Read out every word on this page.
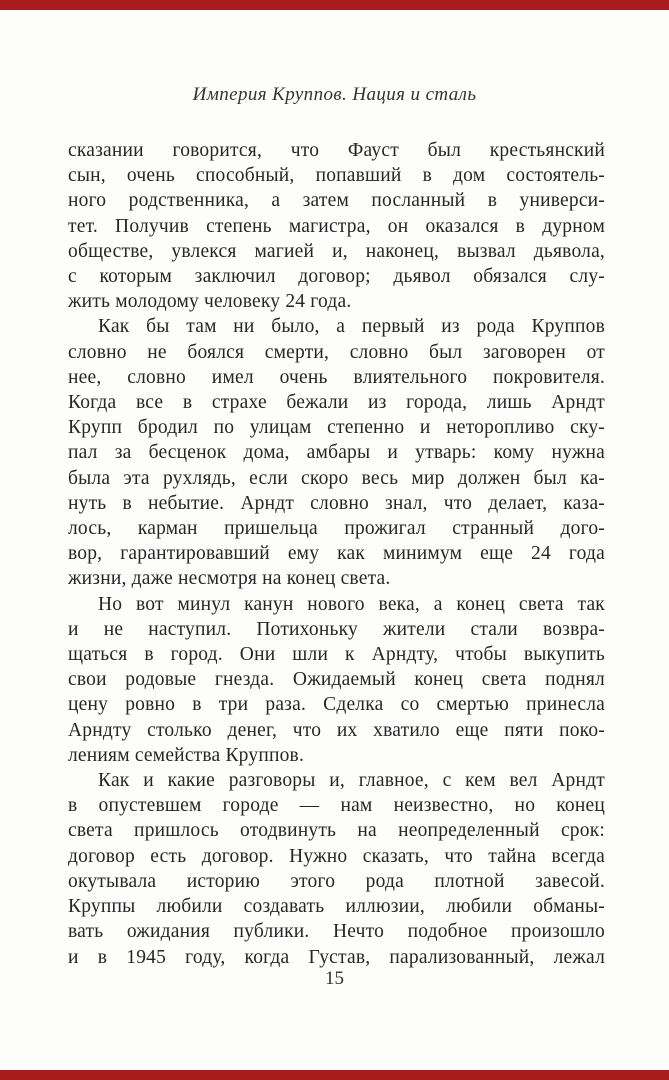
Империя Круппов. Нация и сталь
сказании говорится, что Фауст был крестьянский
сын, очень способный, попавший в дом состоятель-
ного родственника, а затем посланный в универси-
тет. Получив степень магистра, он оказался в дурном
обществе, увлекся магией и, наконец, вызвал дьявола,
с которым заключил договор; дьявол обязался слу-
жить молодому человеку 24 года.
Как бы там ни было, а первый из рода Круппов
словно не боялся смерти, словно был заговорен от
нее, словно имел очень влиятельного покровителя.
Когда все в страхе бежали из города, лишь Арндт
Крупп бродил по улицам степенно и неторопливо ску-
пал за бесценок дома, амбары и утварь: кому нужна
была эта рухлядь, если скоро весь мир должен был ка-
нуть в небытие. Арндт словно знал, что делает, каза-
лось, карман пришельца прожигал странный дого-
вор, гарантировавший ему как минимум еще 24 года
жизни, даже несмотря на конец света.
Но вот минул канун нового века, а конец света так
и не наступил. Потихоньку жители стали возвра-
щаться в город. Они шли к Арндту, чтобы выкупить
свои родовые гнезда. Ожидаемый конец света поднял
цену ровно в три раза. Сделка со смертью принесла
Арндту столько денег, что их хватило еще пяти поко-
лениям семейства Круппов.
Как и какие разговоры и, главное, с кем вел Арндт
в опустевшем городе — нам неизвестно, но конец
света пришлось отодвинуть на неопределенный срок:
договор есть договор. Нужно сказать, что тайна всегда
окутывала историю этого рода плотной завесой.
Круппы любили создавать иллюзии, любили обманы-
вать ожидания публики. Нечто подобное произошло
и в 1945 году, когда Густав, парализованный, лежал
15
